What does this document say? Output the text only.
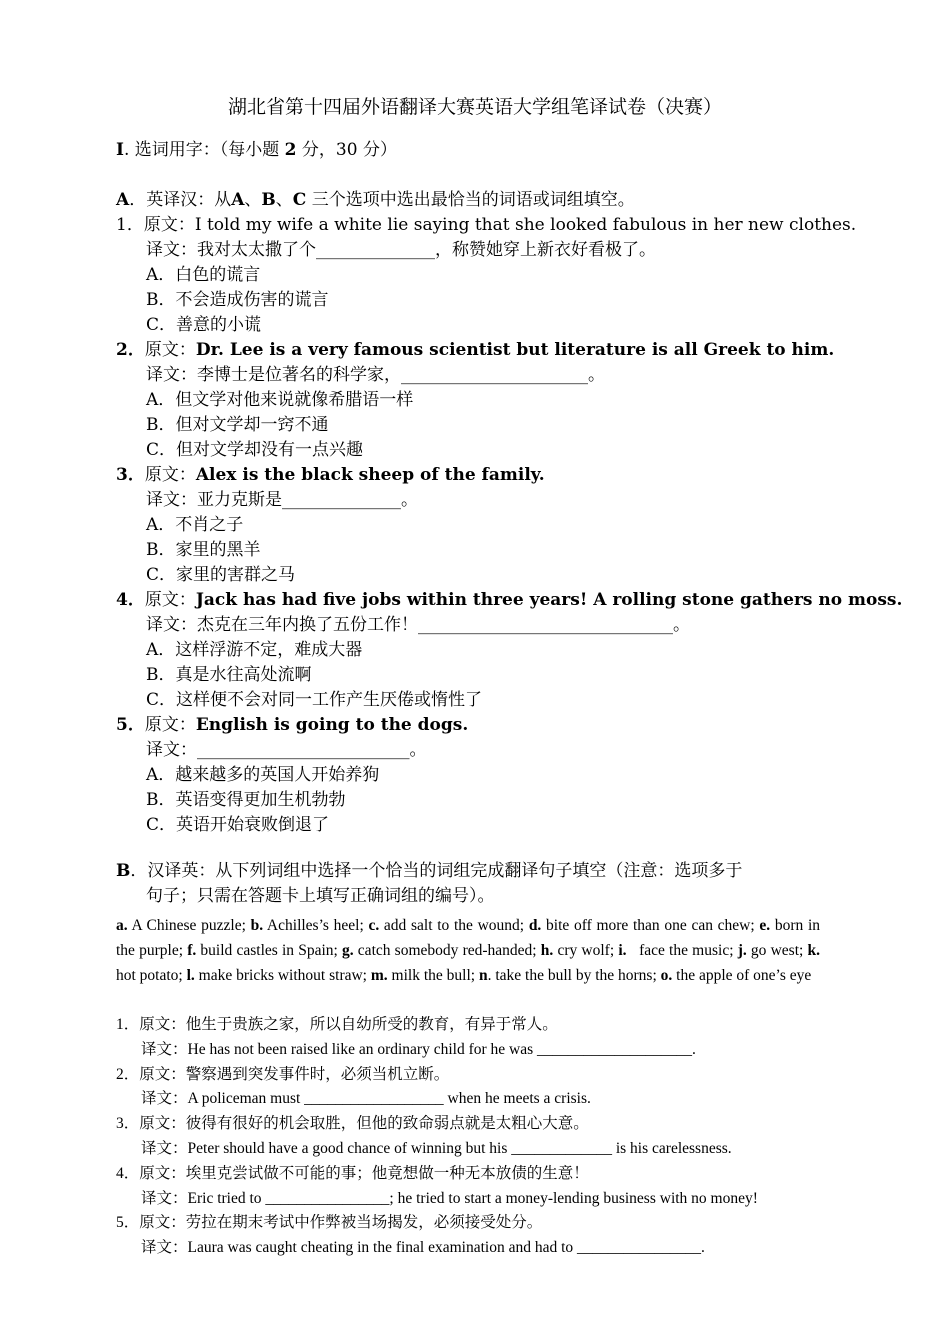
湖北省第十四届外语翻译大赛英语大学组笔译试卷（决赛）
I. 选词用字：（每小题 2 分，30 分）
A．英译汉：从A、B、C 三个选项中选出最恰当的词语或词组填空。
1．原文：I told my wife a white lie saying that she looked fabulous in her new clothes.
译文：我对太太撒了个______________，称赞她穿上新衣好看极了。
A．白色的谎言
B．不会造成伤害的谎言
C．善意的小谎
2．原文：Dr. Lee is a very famous scientist but literature is all Greek to him.
译文：李博士是位著名的科学家，______________________。
A．但文学对他来说就像希腊语一样
B．但对文学却一窍不通
C．但对文学却没有一点兴趣
3．原文：Alex is the black sheep of the family.
译文：亚力克斯是______________。
A．不肖之子
B．家里的黑羊
C．家里的害群之马
4．原文：Jack has had five jobs within three years! A rolling stone gathers no moss.
译文：杰克在三年内换了五份工作！______________________________。
A．这样浮游不定，难成大器
B．真是水往高处流啊
C．这样便不会对同一工作产生厌倦或惰性了
5．原文：English is going to the dogs.
译文：_________________________。
A．越来越多的英国人开始养狗
B．英语变得更加生机勃勃
C．英语开始衰败倒退了
B．汉译英：从下列词组中选择一个恰当的词组完成翻译句子填空（注意：选项多于
句子；只需在答题卡上填写正确词组的编号）。
a. A Chinese puzzle; b. Achilles’s heel; c. add salt to the wound; d. bite off more than one can chew; e. born in the purple; f. build castles in Spain; g. catch somebody red-handed; h. cry wolf; i.   face the music; j. go west; k. hot potato; l. make bricks without straw; m. milk the bull; n. take the bull by the horns; o. the apple of one’s eye
1．原文：他生于贵族之家，所以自幼所受的教育，有异于常人。
译文：He has not been raised like an ordinary child for he was ____________________.
2．原文：警察遇到突发事件时，必须当机立断。
译文：A policeman must __________________ when he meets a crisis.
3．原文：彼得有很好的机会取胜，但他的致命弱点就是太粗心大意。
译文：Peter should have a good chance of winning but his _____________ is his carelessness.
4．原文：埃里克尝试做不可能的事；他竟想做一种无本放债的生意！
译文：Eric tried to ________________; he tried to start a money-lending business with no money!
5．原文：劳拉在期末考试中作弊被当场揭发，必须接受处分。
译文：Laura was caught cheating in the final examination and had to ________________.
